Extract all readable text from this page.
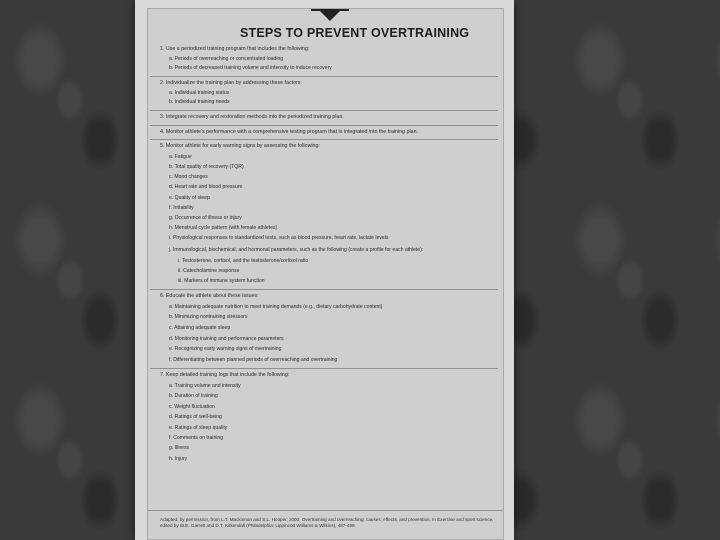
STEPS TO PREVENT OVERTRAINING
1. Use a periodized training program that includes the following:
a. Periods of overreaching or concentrated loading
b. Periods of decreased training volume and intensity to induce recovery
2. Individualize the training plan by addressing these factors:
a. Individual training status
b. Individual training needs
3. Integrate recovery and restoration methods into the periodized training plan.
4. Monitor athlete's performance with a comprehensive testing program that is integrated into the training plan.
5. Monitor athlete for early warning signs by assessing the following:
a. Fatigue
b. Total quality of recovery (TQR)
c. Mood changes
d. Heart rate and blood pressure
e. Quality of sleep
f. Irritability
g. Occurrence of illness or injury
h. Menstrual cycle pattern (with female athletes)
i. Physiological responses to standardized tests, such as blood pressure, heart rate, lactate levels
j. Immunological, biochemical, and hormonal parameters, such as the following (create a profile for each athlete):
i. Testosterone, cortisol, and the testosterone/cortisol ratio
ii. Catecholamine response
iii. Markers of immune system function
6. Educate the athlete about these issues:
a. Maintaining adequate nutrition to meet training demands (e.g., dietary carbohydrate content)
b. Minimizing nontraining stressors
c. Attaining adequate sleep
d. Monitoring training and performance parameters
e. Recognizing early warning signs of overtraining
f. Differentiating between planned periods of overreaching and overtraining
7. Keep detailed training logs that include the following:
a. Training volume and intensity
b. Duration of training
c. Weight fluctuation
d. Ratings of well-being
e. Ratings of sleep quality
f. Comments on training
g. Illness
h. Injury
Adapted, by permission, from L.T. Mackinnon and S.L. Hooper, 2000, Overtraining and overreaching: causes, effects, and prevention. In Exercise and sport science, edited by W.E. Garrett and D.T. Kirkendall (Philadelphia: Lippincott Williams & Wilkins), 487-498.
